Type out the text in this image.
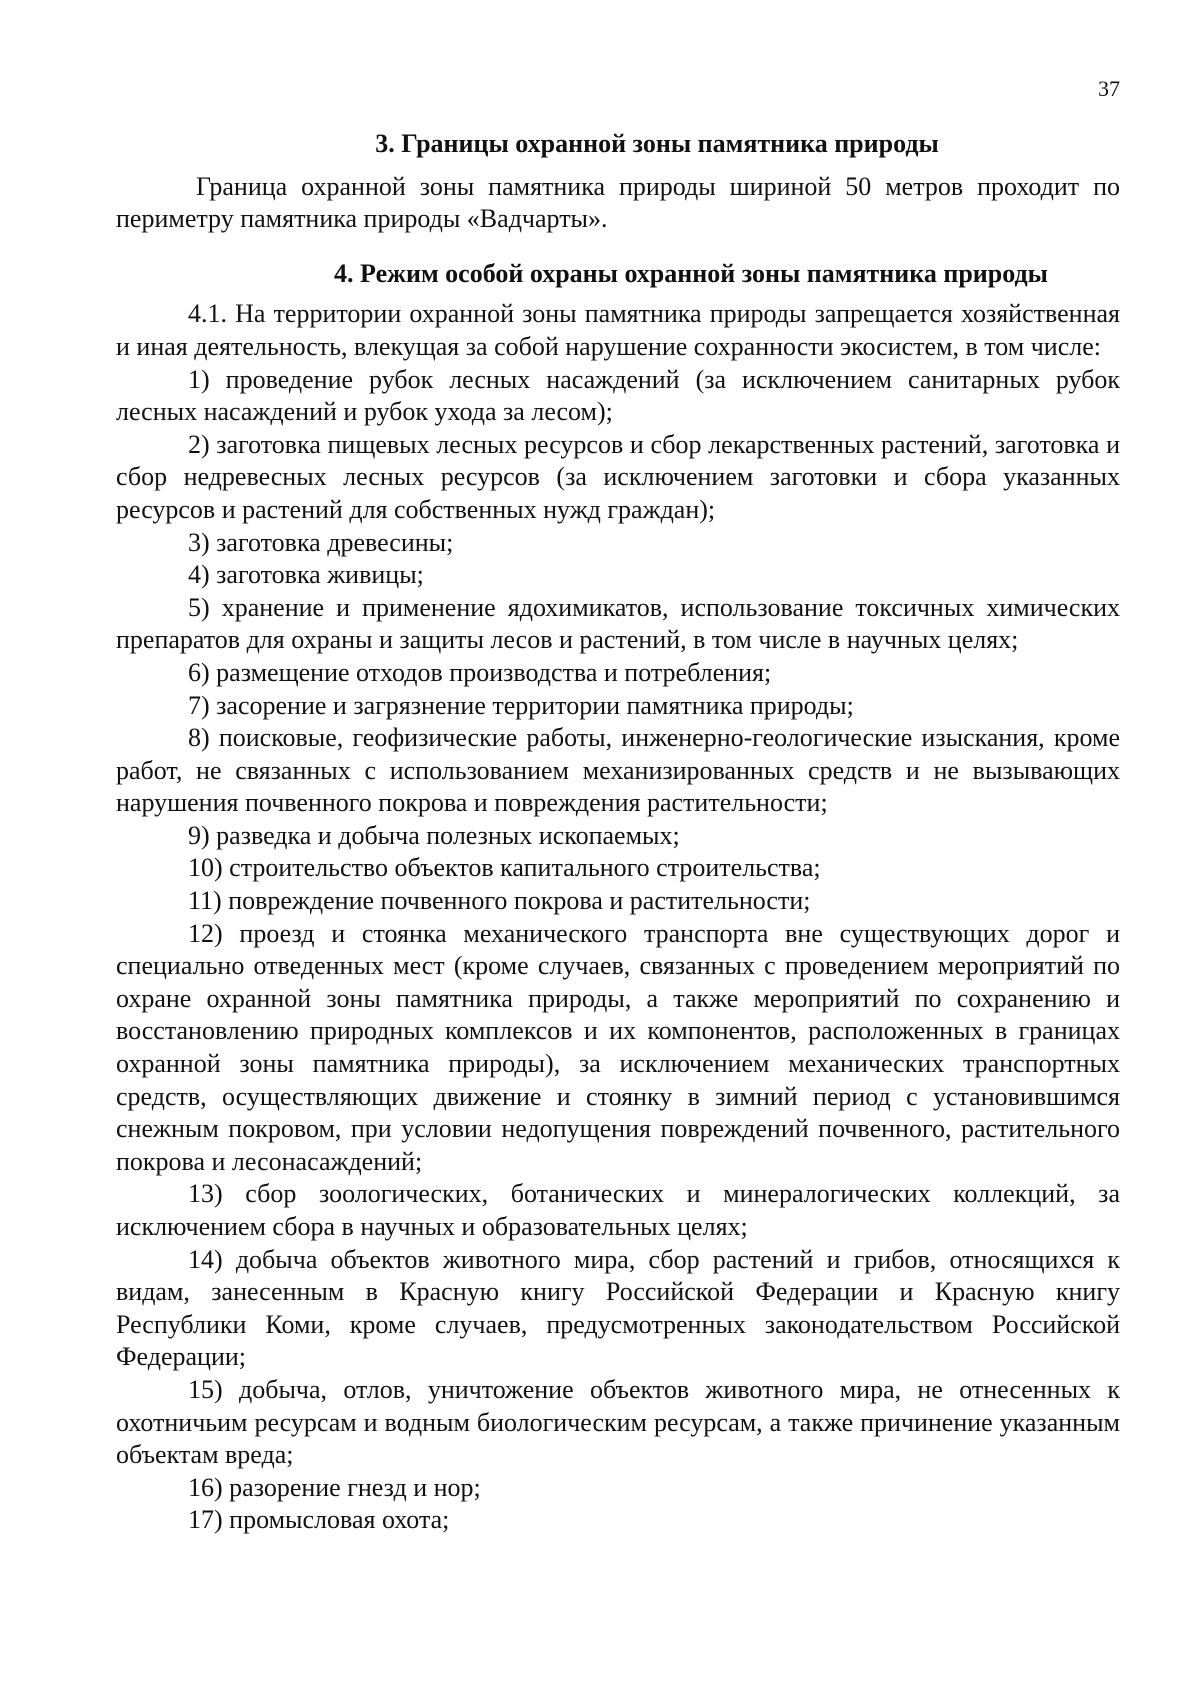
37
3. Границы охранной зоны памятника природы

Граница охранной зоны памятника природы шириной 50 метров проходит по периметру памятника природы «Вадчарты».

4. Режим особой охраны охранной зоны памятника природы

4.1. На территории охранной зоны памятника природы запрещается хозяйственная и иная деятельность, влекущая за собой нарушение сохранности экосистем, в том числе:

1) проведение рубок лесных насаждений (за исключением санитарных рубок лесных насаждений и рубок ухода за лесом);
2) заготовка пищевых лесных ресурсов и сбор лекарственных растений, заготовка и сбор недревесных лесных ресурсов (за исключением заготовки и сбора указанных ресурсов и растений для собственных нужд граждан);
3) заготовка древесины;
4) заготовка живицы;
5) хранение и применение ядохимикатов, использование токсичных химических препаратов для охраны и защиты лесов и растений, в том числе в научных целях;
6) размещение отходов производства и потребления;
7) засорение и загрязнение территории памятника природы;
8) поисковые, геофизические работы, инженерно-геологические изыскания, кроме работ, не связанных с использованием механизированных средств и не вызывающих нарушения почвенного покрова и повреждения растительности;
9) разведка и добыча полезных ископаемых;
10) строительство объектов капитального строительства;
11) повреждение почвенного покрова и растительности;
12) проезд и стоянка механического транспорта вне существующих дорог и специально отведенных мест (кроме случаев, связанных с проведением мероприятий по охране охранной зоны памятника природы, а также мероприятий по сохранению и восстановлению природных комплексов и их компонентов, расположенных в границах охранной зоны памятника природы), за исключением механических транспортных средств, осуществляющих движение и стоянку в зимний период с установившимся снежным покровом, при условии недопущения повреждений почвенного, растительного покрова и лесонасаждений;
13) сбор зоологических, ботанических и минералогических коллекций, за исключением сбора в научных и образовательных целях;
14) добыча объектов животного мира, сбор растений и грибов, относящихся к видам, занесенным в Красную книгу Российской Федерации и Красную книгу Республики Коми, кроме случаев, предусмотренных законодательством Российской Федерации;
15) добыча, отлов, уничтожение объектов животного мира, не отнесенных к охотничьим ресурсам и водным биологическим ресурсам, а также причинение указанным объектам вреда;
16) разорение гнезд и нор;
17) промысловая охота;
